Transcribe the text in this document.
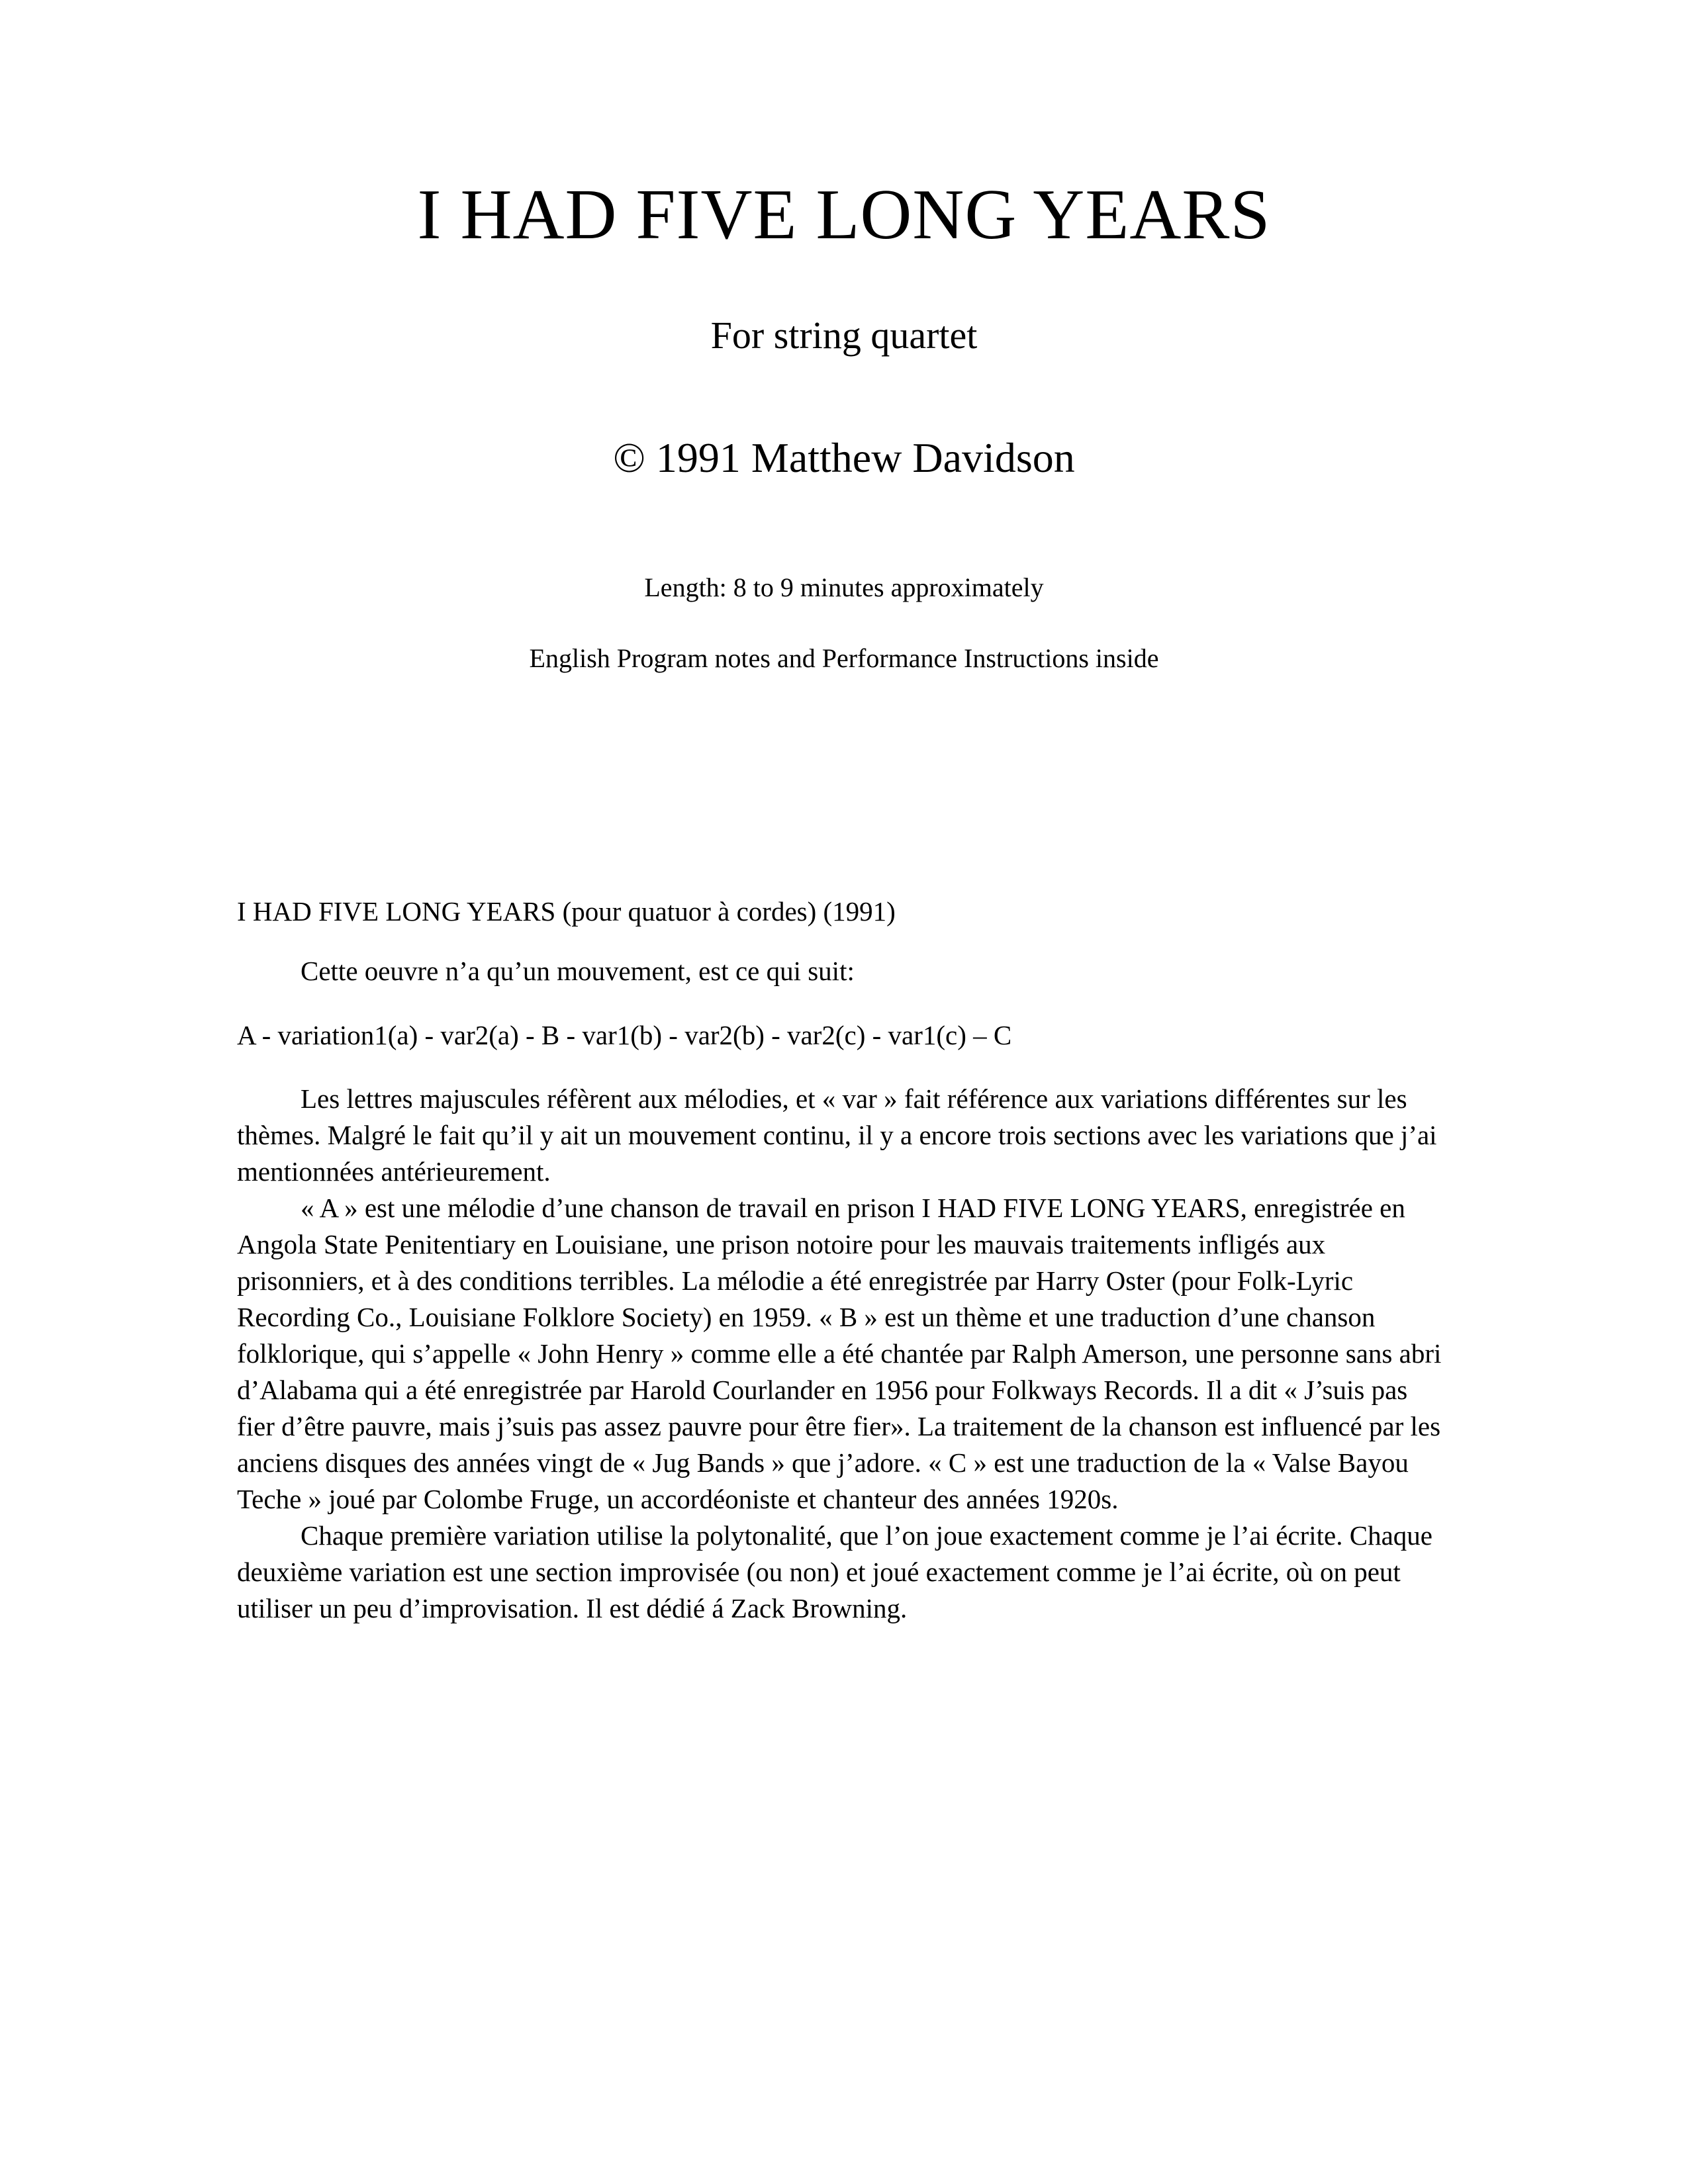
I HAD FIVE LONG YEARS

For string quartet

© 1991 Matthew Davidson

Length: 8 to 9 minutes approximately

English Program notes and Performance Instructions inside

I HAD FIVE LONG YEARS (pour quatuor à cordes) (1991)

Cette oeuvre n’a qu’un mouvement, est ce qui suit:

A - variation1(a) - var2(a) - B - var1(b) - var2(b) - var2(c) - var1(c) – C

Les lettres majuscules réfèrent aux mélodies, et « var » fait référence aux variations différentes sur les thèmes. Malgré le fait qu’il y ait un mouvement continu, il y a encore trois sections avec les variations que j’ai mentionnées antérieurement.

« A » est une mélodie d’une chanson de travail en prison I HAD FIVE LONG YEARS, enregistrée en Angola State Penitentiary en Louisiane, une prison notoire pour les mauvais traitements infligés aux prisonniers, et à des conditions terribles. La mélodie a été enregistrée par Harry Oster (pour Folk-Lyric Recording Co., Louisiane Folklore Society) en 1959. « B » est un thème et une traduction d’une chanson folklorique, qui s’appelle « John Henry » comme elle a été chantée par Ralph Amerson, une personne sans abri d’Alabama qui a été enregistrée par Harold Courlander en 1956 pour Folkways Records. Il a dit « J’suis pas fier d’être pauvre, mais j’suis pas assez pauvre pour être fier». La traitement de la chanson est influencé par les anciens disques des années vingt de « Jug Bands » que j’adore. « C » est une traduction de la « Valse Bayou Teche » joué par Colombe Fruge, un accordéoniste et chanteur des années 1920s.

Chaque première variation utilise la polytonalité, que l’on joue exactement comme je l’ai écrite. Chaque deuxième variation est une section improvisée (ou non) et joué exactement comme je l’ai écrite, où on peut utiliser un peu d’improvisation. Il est dédié á Zack Browning.
